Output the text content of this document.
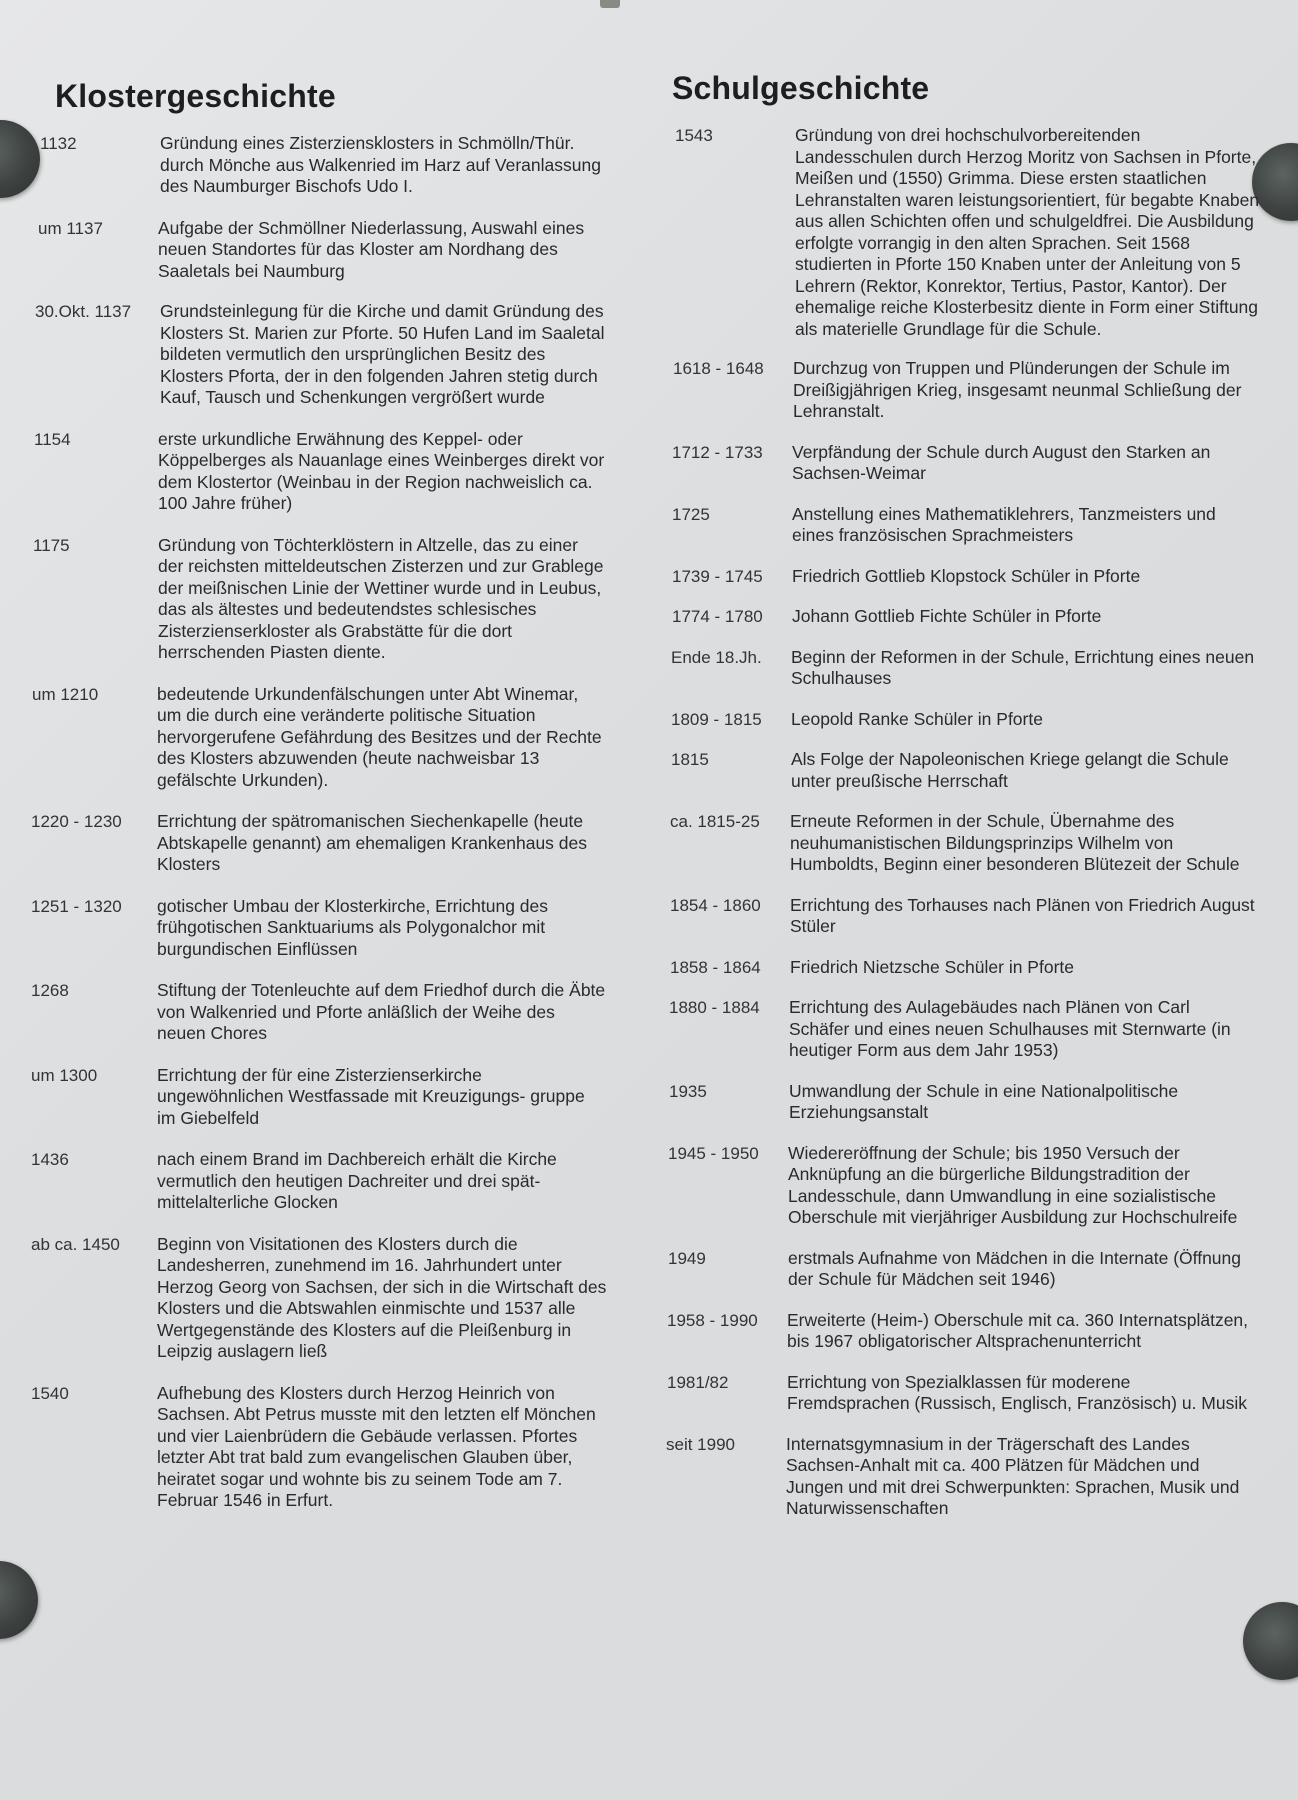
Klostergeschichte
1132	Gründung eines Zisterziensklosters in Schmölln/Thür. durch Mönche aus Walkenried im Harz auf Veranlassung des Naumburger Bischofs Udo I.
um 1137	Aufgabe der Schmöllner Niederlassung, Auswahl eines neuen Standortes für das Kloster am Nordhang des Saaletals bei Naumburg
30.Okt. 1137	Grundsteinlegung für die Kirche und damit Gründung des Klosters St. Marien zur Pforte. 50 Hufen Land im Saaletal bildeten vermutlich den ursprünglichen Besitz des Klosters Pforta, der in den folgenden Jahren stetig durch Kauf, Tausch und Schenkungen vergrößert wurde
1154	erste urkundliche Erwähnung des Keppel- oder Köppelberges als Nauanlage eines Weinberges direkt vor dem Klostertor (Weinbau in der Region nachweislich ca. 100 Jahre früher)
1175	Gründung von Töchterklöstern in Altzelle, das zu einer der reichsten mitteldeutschen Zisterzen und zur Grablege der meißnischen Linie der Wettiner wurde und in Leubus, das als ältestes und bedeutendstes schlesisches Zisterzienserkloster als Grabstätte für die dort herrschenden Piasten diente.
um 1210	bedeutende Urkundenfälschungen unter Abt Winemar, um die durch eine veränderte politische Situation hervorgerufene Gefährdung des Besitzes und der Rechte des Klosters abzuwenden (heute nachweisbar 13 gefälschte Urkunden).
1220 - 1230	Errichtung der spätromanischen Siechenkapelle (heute Abtskapelle genannt) am ehemaligen Krankenhaus des Klosters
1251 - 1320	gotischer Umbau der Klosterkirche, Errichtung des frühgotischen Sanktuariums als Polygonalchor mit burgundischen Einflüssen
1268	Stiftung der Totenleuchte auf dem Friedhof durch die Äbte von Walkenried und Pforte anläßlich der Weihe des neuen Chores
um 1300	Errichtung der für eine Zisterzienserkirche ungewöhnlichen Westfassade mit Kreuzigungs- gruppe im Giebelfeld
1436	nach einem Brand im Dachbereich erhält die Kirche vermutlich den heutigen Dachreiter und drei spät- mittelalterliche Glocken
ab ca. 1450	Beginn von Visitationen des Klosters durch die Landesherren, zunehmend im 16. Jahrhundert unter Herzog Georg von Sachsen, der sich in die Wirtschaft des Klosters und die Abtswahlen einmischte und 1537 alle Wertgegenstände des Klosters auf die Pleißenburg in Leipzig auslagern ließ
1540	Aufhebung des Klosters durch Herzog Heinrich von Sachsen. Abt Petrus musste mit den letzten elf Mönchen und vier Laienbrüdern die Gebäude verlassen. Pfortes letzter Abt trat bald zum evangelischen Glauben über, heiratet sogar und wohnte bis zu seinem Tode am 7. Februar 1546 in Erfurt.
Schulgeschichte
1543	Gründung von drei hochschulvorbereitenden Landesschulen durch Herzog Moritz von Sachsen in Pforte, Meißen und (1550) Grimma. Diese ersten staatlichen Lehranstalten waren leistungsorientiert, für begabte Knaben aus allen Schichten offen und schulgeldfrei. Die Ausbildung erfolgte vorrangig in den alten Sprachen. Seit 1568 studierten in Pforte 150 Knaben unter der Anleitung von 5 Lehrern (Rektor, Konrektor, Tertius, Pastor, Kantor). Der ehemalige reiche Klosterbesitz diente in Form einer Stiftung als materielle Grundlage für die Schule.
1618 - 1648	Durchzug von Truppen und Plünderungen der Schule im Dreißigjährigen Krieg, insgesamt neunmal Schließung der Lehranstalt.
1712 - 1733	Verpfändung der Schule durch August den Starken an Sachsen-Weimar
1725	Anstellung eines Mathematiklehrers, Tanzmeisters und eines französischen Sprachmeisters
1739 - 1745	Friedrich Gottlieb Klopstock Schüler in Pforte
1774 - 1780	Johann Gottlieb Fichte Schüler in Pforte
Ende 18.Jh.	Beginn der Reformen in der Schule, Errichtung eines neuen Schulhauses
1809 - 1815	Leopold Ranke Schüler in Pforte
1815	Als Folge der Napoleonischen Kriege gelangt die Schule unter preußische Herrschaft
ca. 1815-25	Erneute Reformen in der Schule, Übernahme des neuhumanistischen Bildungsprinzips Wilhelm von Humboldts, Beginn einer besonderen Blütezeit der Schule
1854 - 1860	Errichtung des Torhauses nach Plänen von Friedrich August Stüler
1858 - 1864	Friedrich Nietzsche Schüler in Pforte
1880 - 1884	Errichtung des Aulagebäudes nach Plänen von Carl Schäfer und eines neuen Schulhauses mit Sternwarte (in heutiger Form aus dem Jahr 1953)
1935	Umwandlung der Schule in eine Nationalpolitische Erziehungsanstalt
1945 - 1950	Wiedereröffnung der Schule; bis 1950 Versuch der Anknüpfung an die bürgerliche Bildungstradition der Landesschule, dann Umwandlung in eine sozialistische Oberschule mit vierjähriger Ausbildung zur Hochschulreife
1949	erstmals Aufnahme von Mädchen in die Internate (Öffnung der Schule für Mädchen seit 1946)
1958 - 1990	Erweiterte (Heim-) Oberschule mit ca. 360 Internatsplätzen, bis 1967 obligatorischer Altsprachenunterricht
1981/82	Errichtung von Spezialklassen für moderene Fremdsprachen (Russisch, Englisch, Französisch) u. Musik
seit 1990	Internatsgymnasium in der Trägerschaft des Landes Sachsen-Anhalt mit ca. 400 Plätzen für Mädchen und Jungen und mit drei Schwerpunkten: Sprachen, Musik und Naturwissenschaften
